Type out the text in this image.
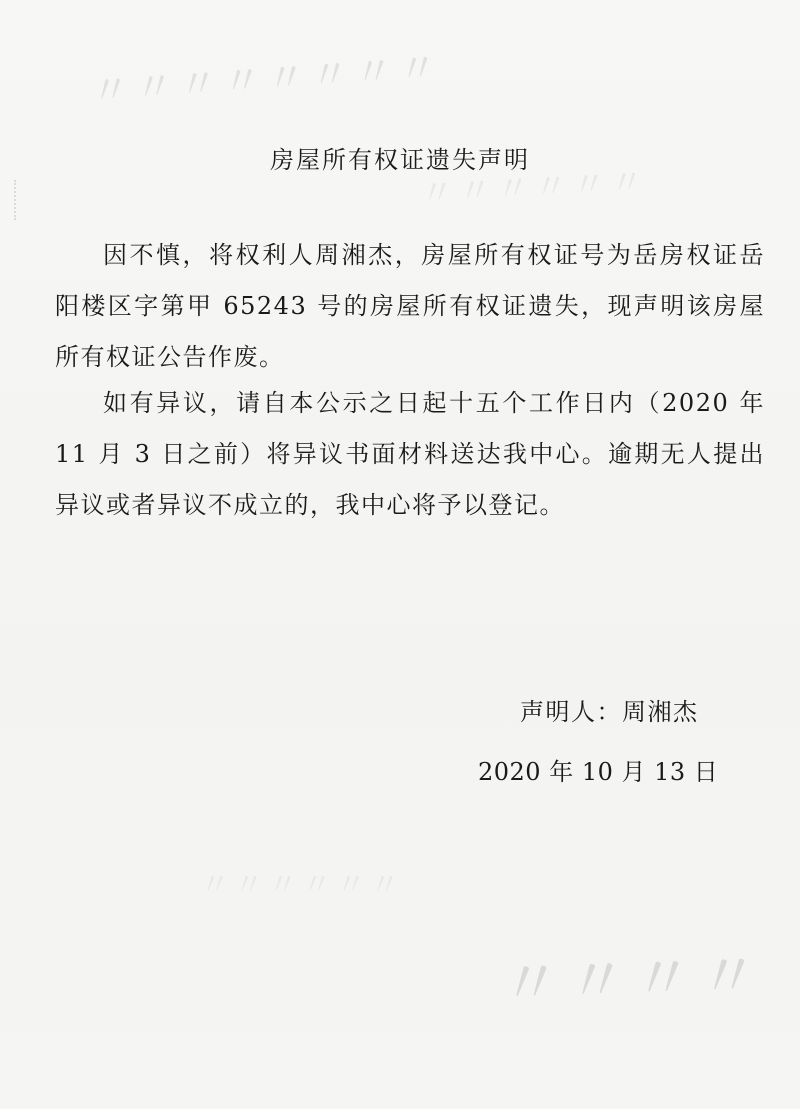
〃〃〃〃〃〃〃〃
〃〃〃〃〃〃
〃〃〃〃〃〃
〃〃〃〃
房屋所有权证遗失声明
因不慎，将权利人周湘杰，房屋所有权证号为岳房权证岳阳楼区字第甲 65243 号的房屋所有权证遗失，现声明该房屋所有权证公告作废。
如有异议，请自本公示之日起十五个工作日内（2020 年 11 月 3 日之前）将异议书面材料送达我中心。逾期无人提出异议或者异议不成立的，我中心将予以登记。
声明人：周湘杰
2020 年 10 月 13 日
